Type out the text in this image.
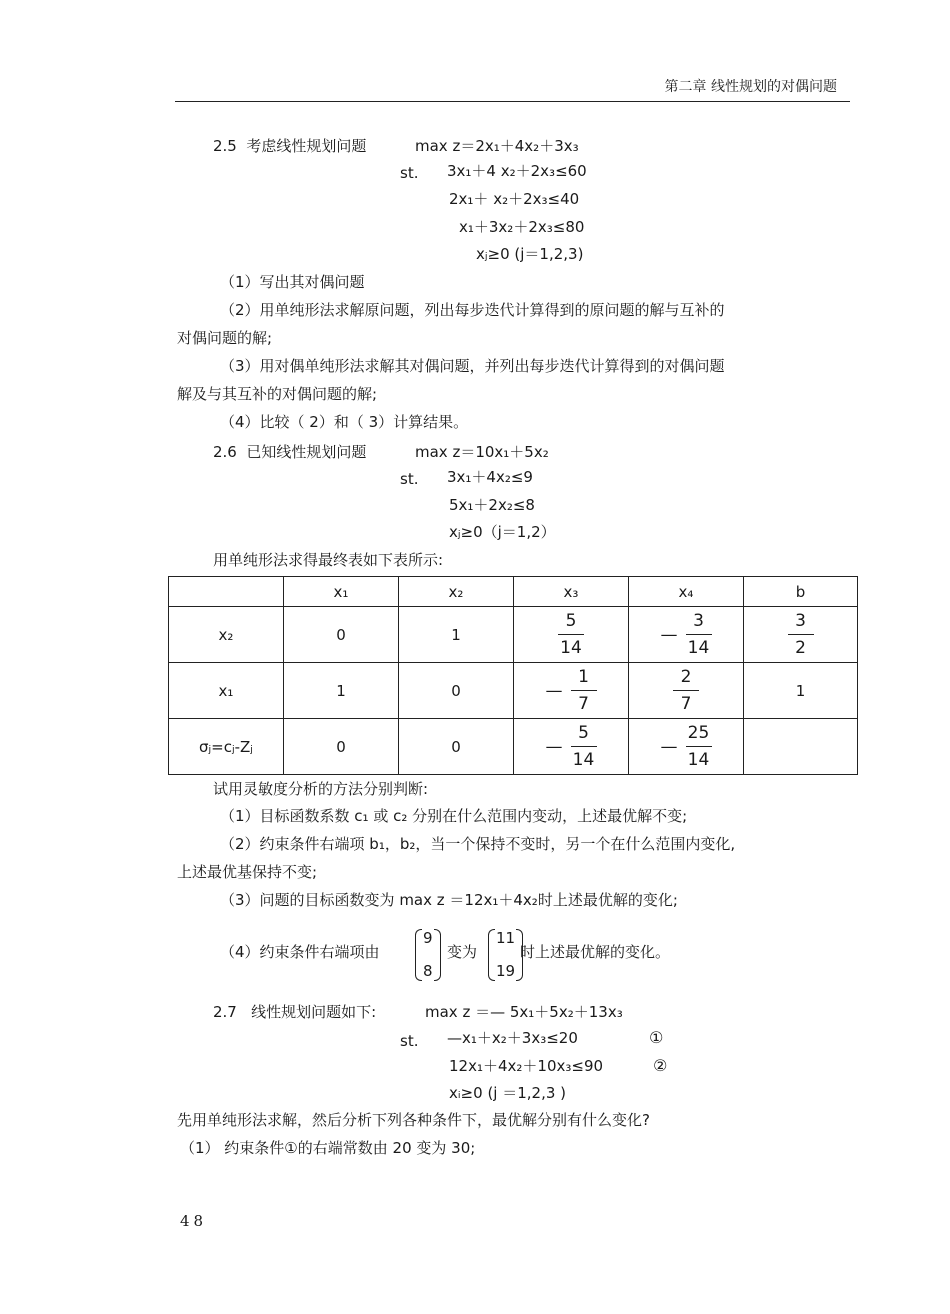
第二章 线性规划的对偶问题
2.5 考虑线性规划问题	max z＝2x₁＋4x₂＋3x₃
st. 3x₁＋4 x₂＋2x₃≤60
2x₁＋ x₂＋2x₃≤40
x₁＋3x₂＋2x₃≤80
xⱼ≥0 (j＝1,2,3)
（1）写出其对偶问题
（2）用单纯形法求解原问题，列出每步迭代计算得到的原问题的解与互补的
对偶问题的解;
（3）用对偶单纯形法求解其对偶问题，并列出每步迭代计算得到的对偶问题
解及与其互补的对偶问题的解;
（4）比较（ 2）和（ 3）计算结果。
2.6 已知线性规划问题	max z＝10x₁＋5x₂
st. 3x₁＋4x₂≤9
5x₁＋2x₂≤8
xⱼ≥0（j＝1,2）
用单纯形法求得最终表如下表所示:
	x₁	x₂	x₃	x₄	b
x₂	0	1	$\frac{5}{14}$	— $\frac{3}{14}$	$\frac{3}{2}$

x₁	1	0	— $\frac{1}{7}$	$\frac{2}{7}$	1
σⱼ=cⱼ-Zⱼ	0	0	— $\frac{5}{14}$	— $\frac{25}{14}$

试用灵敏度分析的方法分别判断:
（1）目标函数系数 c₁ 或 c₂ 分别在什么范围内变动，上述最优解不变;
（2）约束条件右端项 b₁，b₂，当一个保持不变时，另一个在什么范围内变化,
上述最优基保持不变;
（3）问题的目标函数变为 max z ＝12x₁＋4x₂时上述最优解的变化;
（4）约束条件右端项由
9
8
变为
11
19
时上述最优解的变化。
2.7 线性规划问题如下:	max z ＝— 5x₁＋5x₂＋13x₃
st. —x₁＋x₂＋3x₃≤20	①
12x₁＋4x₂＋10x₃≤90	②
xᵢ≥0 (j ＝1,2,3 )
先用单纯形法求解，然后分析下列各种条件下，最优解分别有什么变化?
（1） 约束条件①的右端常数由 20 变为 30;
48
